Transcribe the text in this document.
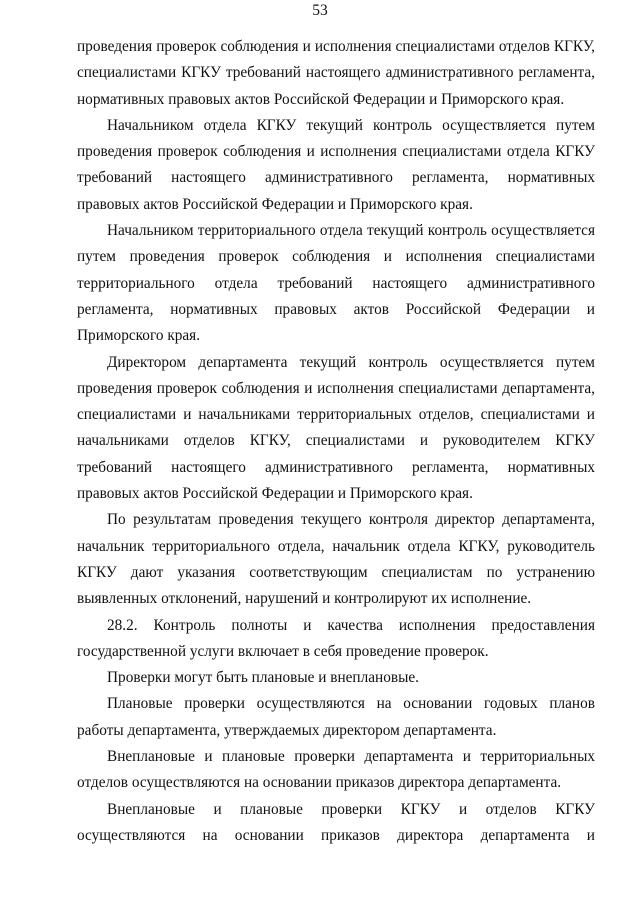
53

проведения проверок соблюдения и исполнения специалистами отделов КГКУ, специалистами КГКУ требований настоящего административного регламента, нормативных правовых актов Российской Федерации и Приморского края.

Начальником отдела КГКУ текущий контроль осуществляется путем проведения проверок соблюдения и исполнения специалистами отдела КГКУ требований настоящего административного регламента, нормативных правовых актов Российской Федерации и Приморского края.

Начальником территориального отдела текущий контроль осуществляется путем проведения проверок соблюдения и исполнения специалистами территориального отдела требований настоящего административного регламента, нормативных правовых актов Российской Федерации и Приморского края.

Директором департамента текущий контроль осуществляется путем проведения проверок соблюдения и исполнения специалистами департамента, специалистами и начальниками территориальных отделов, специалистами и начальниками отделов КГКУ, специалистами и руководителем КГКУ требований настоящего административного регламента, нормативных правовых актов Российской Федерации и Приморского края.

По результатам проведения текущего контроля директор департамента, начальник территориального отдела, начальник отдела КГКУ, руководитель КГКУ дают указания соответствующим специалистам по устранению выявленных отклонений, нарушений и контролируют их исполнение.

28.2. Контроль полноты и качества исполнения предоставления государственной услуги включает в себя проведение проверок.

Проверки могут быть плановые и внеплановые.

Плановые проверки осуществляются на основании годовых планов работы департамента, утверждаемых директором департамента.

Внеплановые и плановые проверки департамента и территориальных отделов осуществляются на основании приказов директора департамента.

Внеплановые и плановые проверки КГКУ и отделов КГКУ осуществляются на основании приказов директора департамента и
